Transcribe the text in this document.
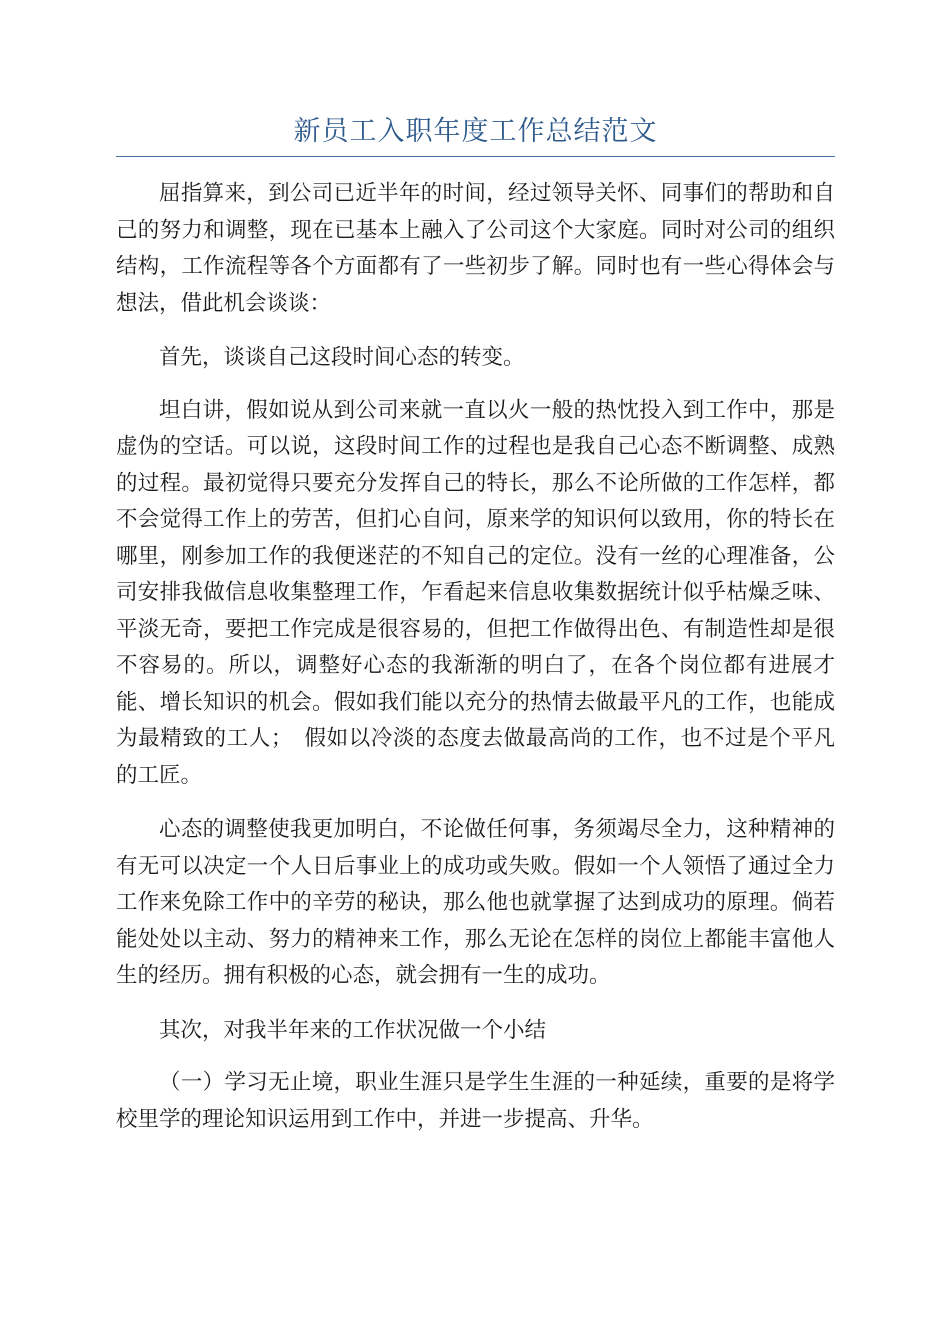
新员工入职年度工作总结范文

屈指算来，到公司已近半年的时间，经过领导关怀、同事们的帮助和自己的努力和调整，现在已基本上融入了公司这个大家庭。同时对公司的组织结构，工作流程等各个方面都有了一些初步了解。同时也有一些心得体会与想法，借此机会谈谈：

首先，谈谈自己这段时间心态的转变。

坦白讲，假如说从到公司来就一直以火一般的热忱投入到工作中，那是虚伪的空话。可以说，这段时间工作的过程也是我自己心态不断调整、成熟的过程。最初觉得只要充分发挥自己的特长，那么不论所做的工作怎样，都不会觉得工作上的劳苦，但扪心自问，原来学的知识何以致用，你的特长在哪里，刚参加工作的我便迷茫的不知自己的定位。没有一丝的心理准备，公司安排我做信息收集整理工作，乍看起来信息收集数据统计似乎枯燥乏味、平淡无奇，要把工作完成是很容易的，但把工作做得出色、有制造性却是很不容易的。所以，调整好心态的我渐渐的明白了，在各个岗位都有进展才能、增长知识的机会。假如我们能以充分的热情去做最平凡的工作，也能成为最精致的工人；　假如以冷淡的态度去做最高尚的工作，也不过是个平凡的工匠。

心态的调整使我更加明白，不论做任何事，务须竭尽全力，这种精神的有无可以决定一个人日后事业上的成功或失败。假如一个人领悟了通过全力工作来免除工作中的辛劳的秘诀，那么他也就掌握了达到成功的原理。倘若能处处以主动、努力的精神来工作，那么无论在怎样的岗位上都能丰富他人生的经历。拥有积极的心态，就会拥有一生的成功。

其次，对我半年来的工作状况做一个小结

（一）学习无止境，职业生涯只是学生生涯的一种延续，重要的是将学校里学的理论知识运用到工作中，并进一步提高、升华。
